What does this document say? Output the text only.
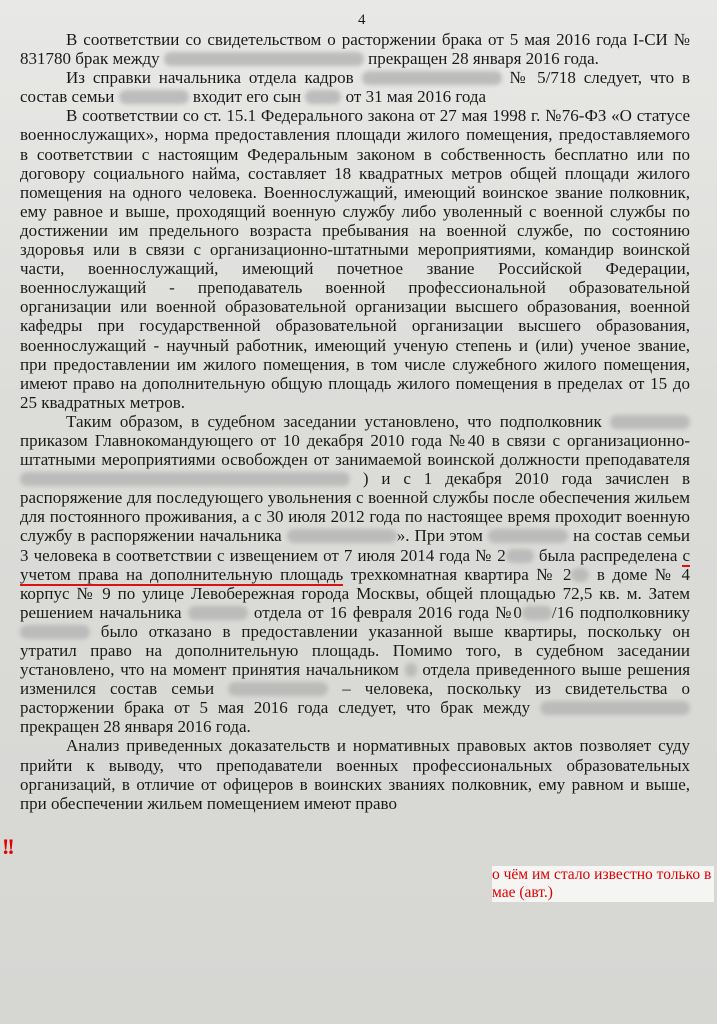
4

В соответствии со свидетельством о расторжении брака от 5 мая 2016 года I-СИ № 831780 брак между	прекращен 28 января 2016 года.

Из справки начальника отдела кадров	№ 5/718 следует, что в состав семьи	входит его сын	от 31 мая 2016 года

В соответствии со ст. 15.1 Федерального закона от 27 мая 1998 г. №76-ФЗ «О статусе военнослужащих», норма предоставления площади жилого помещения, предоставляемого в соответствии с настоящим Федеральным законом в собственность бесплатно или по договору социального найма, составляет 18 квадратных метров общей площади жилого помещения на одного человека. Военнослужащий, имеющий воинское звание полковник, ему равное и выше, проходящий военную службу либо уволенный с военной службы по достижении им предельного возраста пребывания на военной службе, по состоянию здоровья или в связи с организационно-штатными мероприятиями, командир воинской части, военнослужащий, имеющий почетное звание Российской Федерации, военнослужащий - преподаватель военной профессиональной образовательной организации или военной образовательной организации высшего образования, военной кафедры при государственной образовательной организации высшего образования, военнослужащий - научный работник, имеющий ученую степень и (или) ученое звание, при предоставлении им жилого помещения, в том числе служебного жилого помещения, имеют право на дополнительную общую площадь жилого помещения в пределах от 15 до 25 квадратных метров.

Таким образом, в судебном заседании установлено, что подполковник  приказом Главнокомандующего от 10 декабря 2010 года №40 в связи с организационно-штатными мероприятиями освобожден от занимаемой воинской должности преподавателя  ) и с 1 декабря 2010 года зачислен в распоряжение для последующего увольнения с военной службы после обеспечения жильем для постоянного проживания, а с 30 июля 2012 года по настоящее время проходит военную службу в распоряжении начальника	». При этом	на состав семьи 3 человека в соответствии с извещением от 7 июля 2014 года № 2 была распределена с учетом права на дополнительную площадь трехкомнатная квартира № 2 в доме № 4 корпус № 9 по улице Левобережная города Москвы, общей площадью 72,5 кв. м. Затем решением начальника	отдела от 16 февраля 2016 года №0 /16 подполковнику  было отказано в предоставлении указанной выше квартиры, поскольку он утратил право на дополнительную площадь. Помимо того, в судебном заседании установлено, что на момент принятия начальником отдела приведенного выше решения изменился состав семьи	– человека, поскольку из свидетельства о расторжении брака от 5 мая 2016 года следует, что брак между  прекращен 28 января 2016 года.

Анализ приведенных доказательств и нормативных правовых актов позволяет суду прийти к выводу, что преподаватели военных профессиональных образовательных организаций, в отличие от офицеров в воинских званиях полковник, ему равном и выше, при обеспечении жильем помещением имеют право

!!
о чём им стало известно только в мае (авт.)
